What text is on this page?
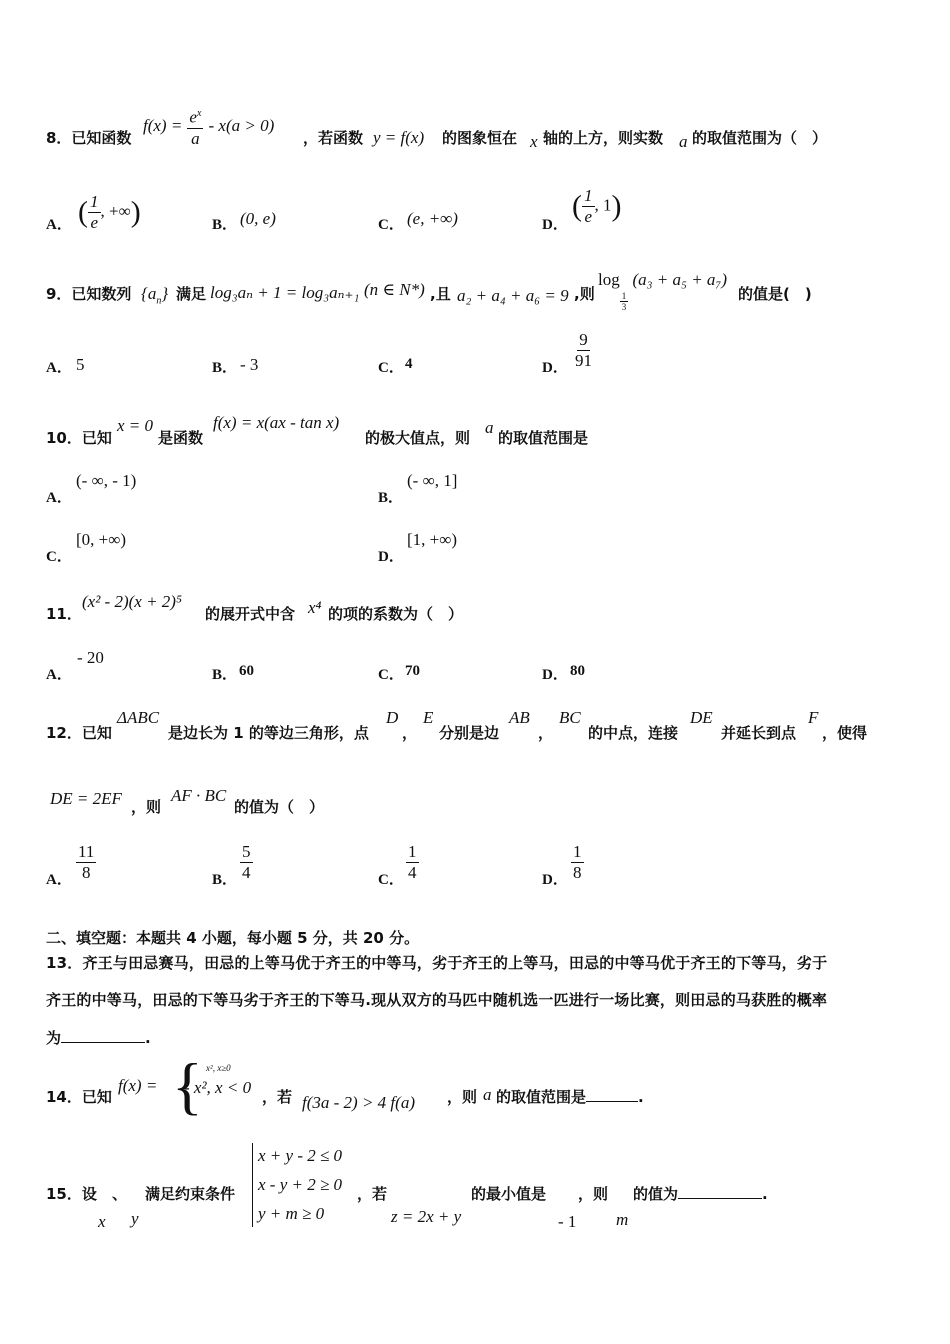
8．已知函数
$f(x) = \frac{e^x}{a} - x(a > 0)$
，若函数 y = f(x) 的图象恒在 x 轴的上方，则实数 a 的取值范围为（　）
A． ( $\frac{1}{e}$ , +∞)	B． (0, e)	C． (e, +∞)	D．
( $\frac{1}{e}$ , 1)
9．已知数列 $\{a_n\}$ 满足 log₃aₙ + 1 = log₃aₙ₊₁ (n ∈ N*) ,且 a₂ + a₄ + a₆ = 9 ,则
log
$\frac{1}{3}$
(a₃ + a₅ + a₇)
的值是(　)
A． 5	B． - 3	C． 4	D． $\frac{9}{91}$
10．已知
x = 0
是函数
f(x) = x(ax - tan x)
的极大值点，则
a
的取值范围是
A．
(- ∞, - 1)
B．
(- ∞, 1]
C．
[0, +∞)
D．
[1, +∞)
11．
(x² - 2)(x + 2)⁵
的展开式中含 x⁴ 的项的系数为（　）
A．
- 20
B． 60	C． 70	D． 80
12．已知
ΔABC
是边长为 1 的等边三角形，点
D
，
E
分别是边
AB
，
BC
的中点，连接
DE
并延长到点
F
，使得
DE = 2EF ，则
AF · BC
的值为（　）
A． $\frac{11}{8}$	B． $\frac{5}{4}$	C． $\frac{1}{4}$	D． $\frac{1}{8}$
二、填空题：本题共 4 小题，每小题 5 分，共 20 分。
13．齐王与田忌赛马，田忌的上等马优于齐王的中等马，劣于齐王的上等马，田忌的中等马优于齐王的下等马，劣于
齐王的中等马，田忌的下等马劣于齐王的下等马.现从双方的马匹中随机选一匹进行一场比赛，则田忌的马获胜的概率
为	.
14．已知
f(x) = { x², x≥0
- x², x < 0 ，若 f(3a - 2) > 4 f(a) ，则 a 的取值范围是	.
15．设 、 满足约束条件
x y
x + y - 2 ≤ 0
x - y + 2 ≥ 0
y + m ≥ 0
，若
z = 2x + y
的最小值是
- 1
，则
m
的值为	.
